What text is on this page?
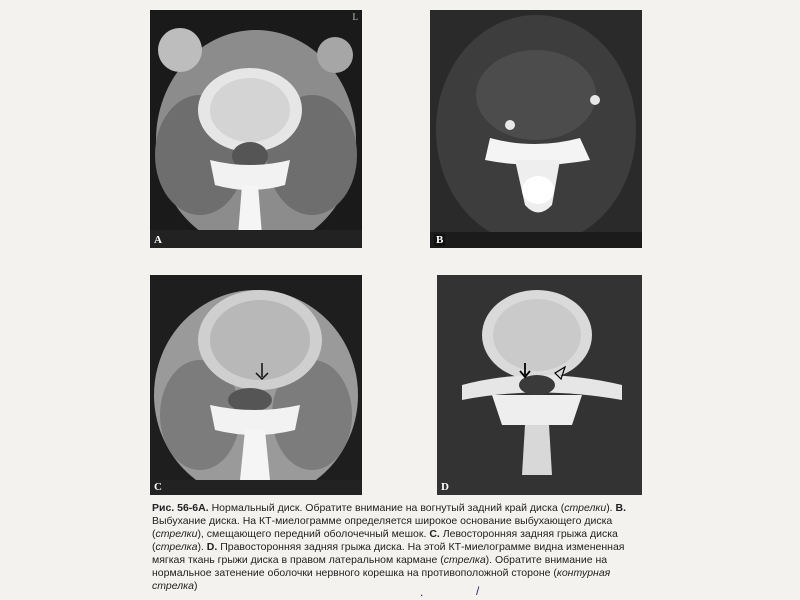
A
L
B
C	D
Рис. 56-6A. Нормальный диск. Обратите внимание на вогнутый задний край диска (стрелки). B. Выбухание диска. На КТ-миелограмме определяется широкое основание выбухающего диска (стрелки), смещающего передний оболочечный мешок. C. Левосторонняя задняя грыжа диска (стрелка). D. Правосторонняя задняя грыжа диска. На этой КТ-миелограмме видна измененная мягкая ткань грыжи диска в правом латеральном кармане (стрелка). Обратите внимание на нормальное затенение оболочки нервного корешка на противоположной стороне (контурная стрелка)	.	/
